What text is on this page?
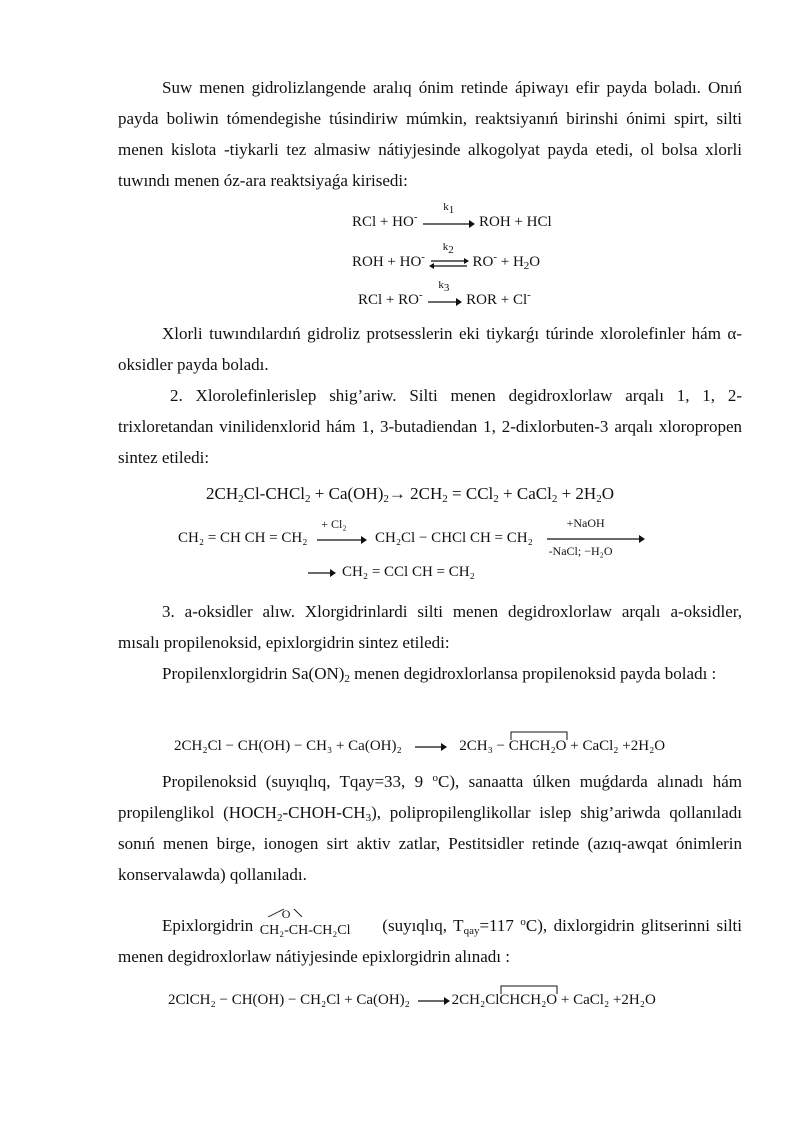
Suw menen gidrolizlangende aralıq ónim retinde ápiwayı efir payda boladı. Onıń payda boliwin tómendegishe túsindiriw múmkin, reaktsiyanıń birinshi ónimi spirt, silti menen kislota -tiykarli tez almasiw nátiyjesinde alkogolyat payda etedi, ol bolsa xlorli tuwındı menen óz-ara reaktsiyaǵa kirisedi:

RCl + HO-
$k_1$
ROH + HCl
ROH + HO-
$k_2$
$RO^- + H_2O$
RCl + RO-
$k_3$
ROR + Cl-

Xlorli tuwındılardıń gidroliz protsesslerin eki tiykarǵı túrinde xlorolefinler hám α-oksidler payda boladı.

2. Xlorolefinlerislep shig’ariw. Silti menen degidroxlorlaw arqalı 1, 1, 2-trixloretandan vinilidenxlorid hám 1, 3-butadiendan 1, 2-dixlorbuten-3 arqalı xloropropen sintez etiledi:

$2CH_2Cl-CHCl_2 + Ca(OH)_2\to 2CH_2 = CCl_2$ + CaCl$_2$ + $2H_2O$
CH₂ = CH CH = CH₂
+ Cl₂
CH₂Cl − CHCl CH = CH₂
+NaOH
-NaCl; −H₂O
CH₂ = CCl CH = CH₂

3. a-oksidler alıw. Xlorgidrinlardi silti menen degidroxlorlaw arqalı a-oksidler, mısalı propilenoksid, epixlorgidrin sintez etiledi:

Propilenxlorgidrin $Sa(ON)_2$ menen degidroxlorlansa propilenoksid payda boladı :

2CH₂Cl − CH(OH) − CH₃ + Ca(OH)₂	2CH₃ −
CHCH₂O + CaCl₂ +2H₂O

Propilenoksid (suyıqlıq, Tqay=33, 9 $^o$C), sanaatta úlken muǵdarda alınadı hám propilenglikol $(HOCH_2-CHOH-CH_3)$, polipropilenglikollar islep shig’ariwda qollanıladı sonıń menen birge, ionogen sirt aktiv zatlar, Pestitsidler retinde (azıq-awqat ónimlerin konservalawda) qollanıladı.

Epixlorgidrin
O
CH₂-CH-CH₂Cl (suyıqlıq, $T_{qay}=117$ $^o$C), dixlorgidrin glitserinni silti menen degidroxlorlaw nátiyjesinde epixlorgidrin alınadı :

2ClCH₂ − CH(OH) − CH₂Cl + Ca(OH)₂	2CH₂Cl
CHCH₂O + CaCl₂ +2H₂O
